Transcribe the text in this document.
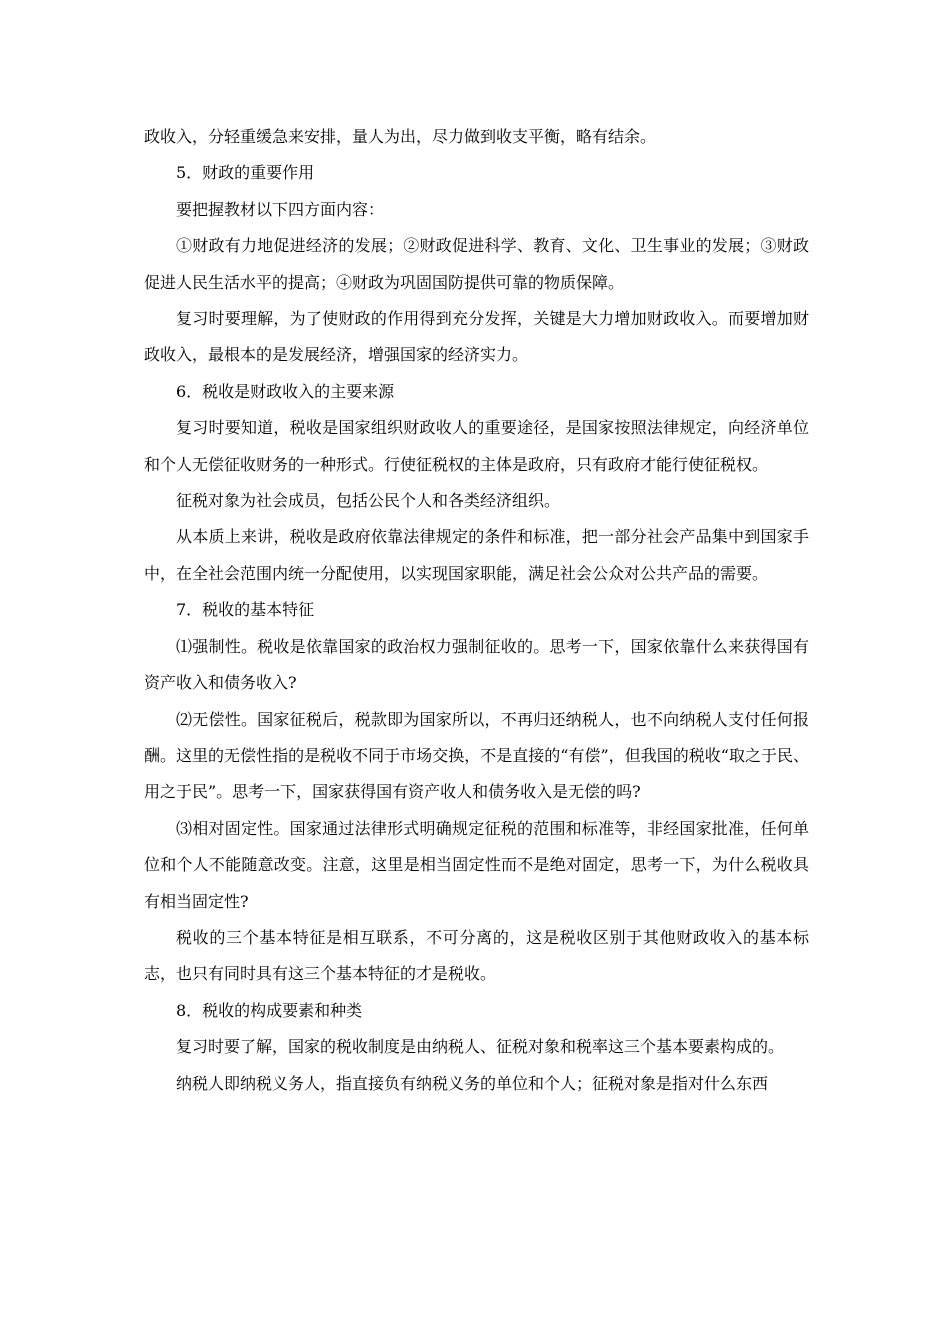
政收入，分轻重缓急来安排，量人为出，尽力做到收支平衡，略有结余。

5．财政的重要作用

要把握教材以下四方面内容：

①财政有力地促进经济的发展；②财政促进科学、教育、文化、卫生事业的发展；③财政促进人民生活水平的提高；④财政为巩固国防提供可靠的物质保障。

复习时要理解，为了使财政的作用得到充分发挥，关键是大力增加财政收入。而要增加财政收入，最根本的是发展经济，增强国家的经济实力。

6．税收是财政收入的主要来源

复习时要知道，税收是国家组织财政收人的重要途径，是国家按照法律规定，向经济单位和个人无偿征收财务的一种形式。行使征税权的主体是政府，只有政府才能行使征税权。

征税对象为社会成员，包括公民个人和各类经济组织。

从本质上来讲，税收是政府依靠法律规定的条件和标准，把一部分社会产品集中到国家手中，在全社会范围内统一分配使用，以实现国家职能，满足社会公众对公共产品的需要。

7．税收的基本特征

⑴强制性。税收是依靠国家的政治权力强制征收的。思考一下，国家依靠什么来获得国有资产收入和债务收入?

⑵无偿性。国家征税后，税款即为国家所以，不再归还纳税人，也不向纳税人支付任何报酬。这里的无偿性指的是税收不同于市场交换，不是直接的“有偿”，但我国的税收“取之于民、用之于民”。思考一下，国家获得国有资产收人和债务收入是无偿的吗?

⑶相对固定性。国家通过法律形式明确规定征税的范围和标准等，非经国家批准，任何单位和个人不能随意改变。注意，这里是相当固定性而不是绝对固定，思考一下，为什么税收具有相当固定性?

税收的三个基本特征是相互联系，不可分离的，这是税收区别于其他财政收入的基本标志，也只有同时具有这三个基本特征的才是税收。

8．税收的构成要素和种类

复习时要了解，国家的税收制度是由纳税人、征税对象和税率这三个基本要素构成的。

纳税人即纳税义务人，指直接负有纳税义务的单位和个人；征税对象是指对什么东西
